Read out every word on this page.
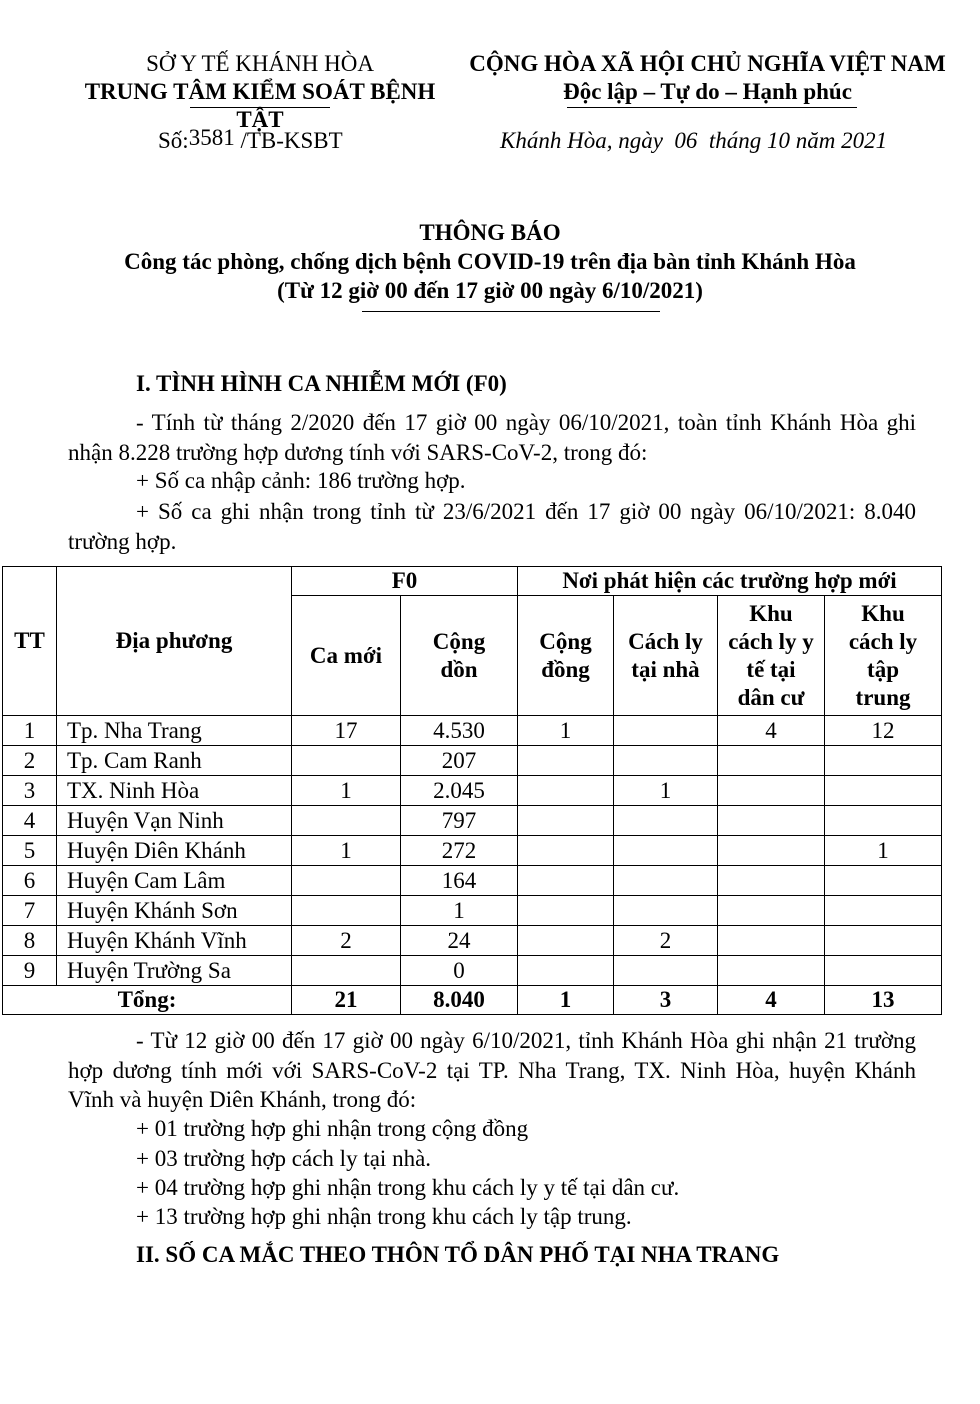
SỞ Y TẾ KHÁNH HÒA
TRUNG TÂM KIỂM SOÁT BỆNH TẬT
CỘNG HÒA XÃ HỘI CHỦ NGHĨA VIỆT NAM
Độc lập – Tự do – Hạnh phúc
Số:3581 /TB-KSBT	Khánh Hòa, ngày  06  tháng 10 năm 2021
THÔNG BÁO
Công tác phòng, chống dịch bệnh COVID-19 trên địa bàn tỉnh Khánh Hòa
(Từ 12 giờ 00 đến 17 giờ 00 ngày 6/10/2021)
I. TÌNH HÌNH CA NHIỄM MỚI (F0)
- Tính từ tháng 2/2020 đến 17 giờ 00 ngày 06/10/2021, toàn tỉnh Khánh Hòa ghi nhận 8.228 trường hợp dương tính với SARS-CoV-2, trong đó:
+ Số ca nhập cảnh: 186 trường hợp.
+ Số ca ghi nhận trong tỉnh từ 23/6/2021 đến 17 giờ 00 ngày 06/10/2021: 8.040 trường hợp.
TT	Địa phương	F0		Nơi phát hiện các trường hợp mới			
		Ca mới	Cộng dồn	Cộng đồng	Cách ly tại nhà	Khu cách ly y tế tại dân cư	Khu cách ly tập trung
1	Tp. Nha Trang	17	4.530	1		4	12
2	Tp. Cam Ranh		207				
3	TX. Ninh Hòa	1	2.045		1		
4	Huyện Vạn Ninh		797				
5	Huyện Diên Khánh	1	272				1
6	Huyện Cam Lâm		164				
7	Huyện Khánh Sơn		1				
8	Huyện Khánh Vĩnh	2	24		2		
9	Huyện Trường Sa		0				
Tổng:		21	8.040	1	3	4	13
- Từ 12 giờ 00 đến 17 giờ 00 ngày 6/10/2021, tỉnh Khánh Hòa ghi nhận 21 trường hợp dương tính mới với SARS-CoV-2 tại TP. Nha Trang, TX. Ninh Hòa, huyện Khánh Vĩnh và huyện Diên Khánh, trong đó:
+ 01 trường hợp ghi nhận trong cộng đồng
+ 03 trường hợp cách ly tại nhà.
+ 04 trường hợp ghi nhận trong khu cách ly y tế tại dân cư.
+ 13 trường hợp ghi nhận trong khu cách ly tập trung.
II. SỐ CA MẮC THEO THÔN TỔ DÂN PHỐ TẠI NHA TRANG
